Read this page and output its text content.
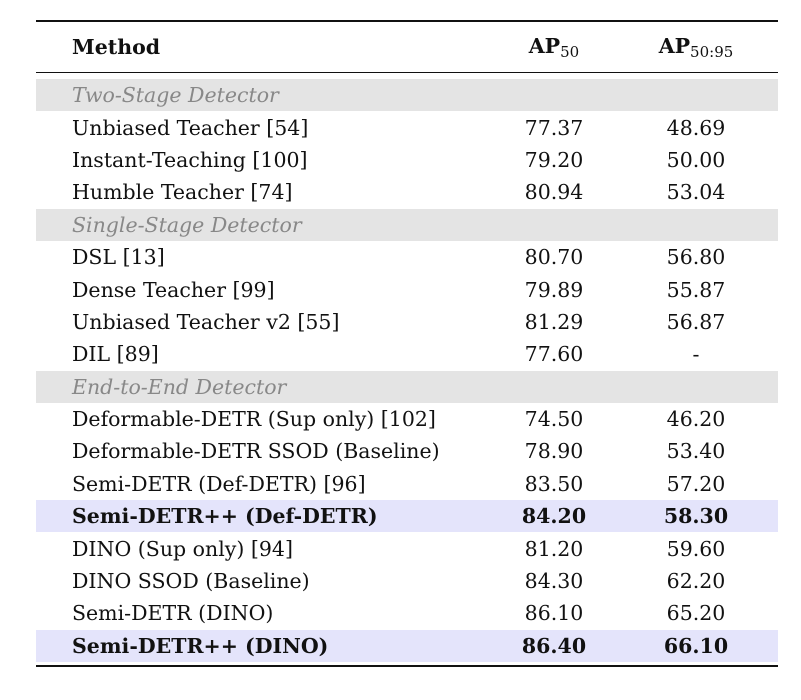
Method	$AP_{50}$	$AP_{50:95}$
Two-Stage Detector
Unbiased Teacher [54]	77.37	48.69
Instant-Teaching [100]	79.20	50.00
Humble Teacher [74]	80.94	53.04
Single-Stage Detector
DSL [13]	80.70	56.80
Dense Teacher [99]	79.89	55.87
Unbiased Teacher v2 [55]	81.29	56.87
DIL [89]	77.60	-
End-to-End Detector
Deformable-DETR (Sup only) [102]	74.50	46.20
Deformable-DETR SSOD (Baseline)	78.90	53.40
Semi-DETR (Def-DETR) [96]	83.50	57.20
Semi-DETR++ (Def-DETR)	84.20	58.30
DINO (Sup only) [94]	81.20	59.60
DINO SSOD (Baseline)	84.30	62.20
Semi-DETR (DINO)	86.10	65.20
Semi-DETR++ (DINO)	86.40	66.10
